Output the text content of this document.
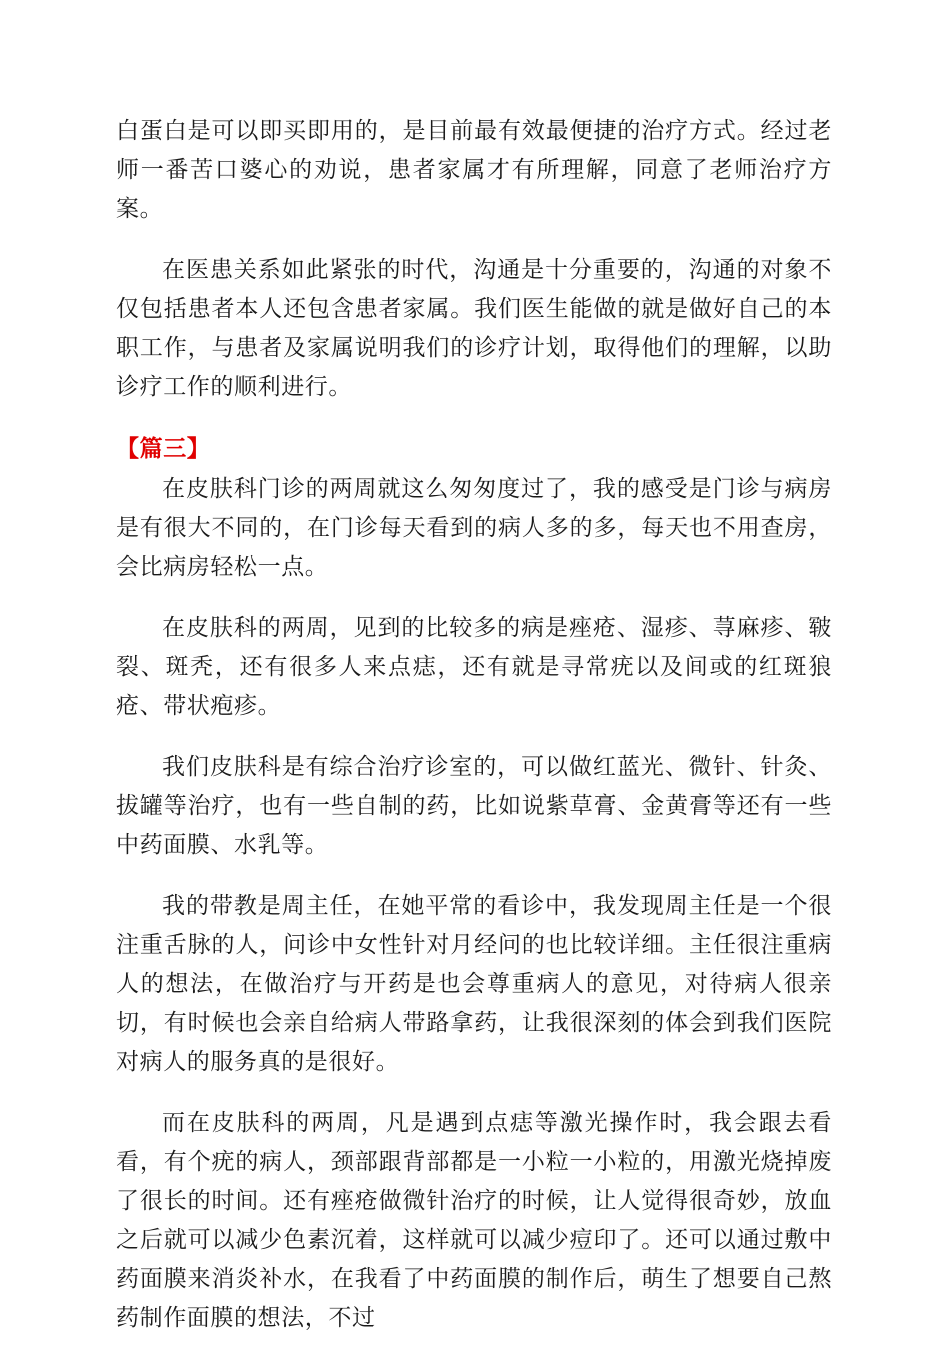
白蛋白是可以即买即用的，是目前最有效最便捷的治疗方式。经过老师一番苦口婆心的劝说，患者家属才有所理解，同意了老师治疗方案。

在医患关系如此紧张的时代，沟通是十分重要的，沟通的对象不仅包括患者本人还包含患者家属。我们医生能做的就是做好自己的本职工作，与患者及家属说明我们的诊疗计划，取得他们的理解，以助诊疗工作的顺利进行。

【篇三】

在皮肤科门诊的两周就这么匆匆度过了，我的感受是门诊与病房是有很大不同的，在门诊每天看到的病人多的多，每天也不用查房，会比病房轻松一点。

在皮肤科的两周，见到的比较多的病是痤疮、湿疹、荨麻疹、皲裂、斑秃，还有很多人来点痣，还有就是寻常疣以及间或的红斑狼疮、带状疱疹。

我们皮肤科是有综合治疗诊室的，可以做红蓝光、微针、针灸、拔罐等治疗，也有一些自制的药，比如说紫草膏、金黄膏等还有一些中药面膜、水乳等。

我的带教是周主任，在她平常的看诊中，我发现周主任是一个很注重舌脉的人，问诊中女性针对月经问的也比较详细。主任很注重病人的想法，在做治疗与开药是也会尊重病人的意见，对待病人很亲切，有时候也会亲自给病人带路拿药，让我很深刻的体会到我们医院对病人的服务真的是很好。

而在皮肤科的两周，凡是遇到点痣等激光操作时，我会跟去看看，有个疣的病人，颈部跟背部都是一小粒一小粒的，用激光烧掉废了很长的时间。还有痤疮做微针治疗的时候，让人觉得很奇妙，放血之后就可以减少色素沉着，这样就可以减少痘印了。还可以通过敷中药面膜来消炎补水，在我看了中药面膜的制作后，萌生了想要自己熬药制作面膜的想法，不过
